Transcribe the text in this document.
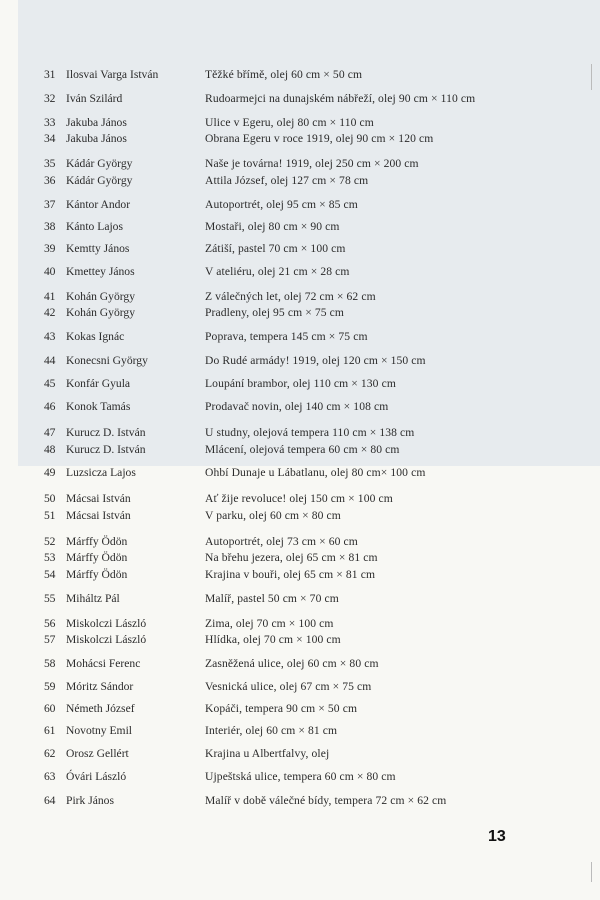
31 Ilosvai Varga István	Těžké břímě, olej 60 cm × 50 cm
32 Iván Szilárd	Rudoarmejci na dunajském nábřeží, olej 90 cm × 110 cm
33 Jakuba János	Ulice v Egeru, olej 80 cm × 110 cm
34 Jakuba János	Obrana Egeru v roce 1919, olej 90 cm × 120 cm
35 Kádár György	Naše je továrna! 1919, olej 250 cm × 200 cm
36 Kádár György	Attila József, olej 127 cm × 78 cm
37 Kántor Andor	Autoportrét, olej 95 cm × 85 cm
38 Kánto Lajos	Mostaři, olej 80 cm × 90 cm
39 Kemtty János	Zátiší, pastel 70 cm × 100 cm
40 Kmettey János	V ateliéru, olej 21 cm × 28 cm
41 Kohán György	Z válečných let, olej 72 cm × 62 cm
42 Kohán György	Pradleny, olej 95 cm × 75 cm
43 Kokas Ignác	Poprava, tempera 145 cm × 75 cm
44 Konecsni György	Do Rudé armády! 1919, olej 120 cm × 150 cm
45 Konfár Gyula	Loupání brambor, olej 110 cm × 130 cm
46 Konok Tamás	Prodavač novin, olej 140 cm × 108 cm
47 Kurucz D. István	U studny, olejová tempera 110 cm × 138 cm
48 Kurucz D. István	Mlácení, olejová tempera 60 cm × 80 cm
49 Luzsicza Lajos	Ohbí Dunaje u Lábatlanu, olej 80 cm× 100 cm
50 Mácsai István	Ať žije revoluce! olej 150 cm × 100 cm
51 Mácsai István	V parku, olej 60 cm × 80 cm
52 Márffy Ödön	Autoportrét, olej 73 cm × 60 cm
53 Márffy Ödön	Na břehu jezera, olej 65 cm × 81 cm
54 Márffy Ödön	Krajina v bouři, olej 65 cm × 81 cm
55 Miháltz Pál	Malíř, pastel 50 cm × 70 cm
56 Miskolczi László	Zima, olej 70 cm × 100 cm
57 Miskolczi László	Hlídka, olej 70 cm × 100 cm
58 Mohácsi Ferenc	Zasněžená ulice, olej 60 cm × 80 cm
59 Móritz Sándor	Vesnická ulice, olej 67 cm × 75 cm
60 Németh József	Kopáči, tempera 90 cm × 50 cm
61 Novotny Emil	Interiér, olej 60 cm × 81 cm
62 Orosz Gellért	Krajina u Albertfalvy, olej
63 Óvári László	Ujpeštská ulice, tempera 60 cm × 80 cm
64 Pirk János	Malíř v době válečné bídy, tempera 72 cm × 62 cm
13
